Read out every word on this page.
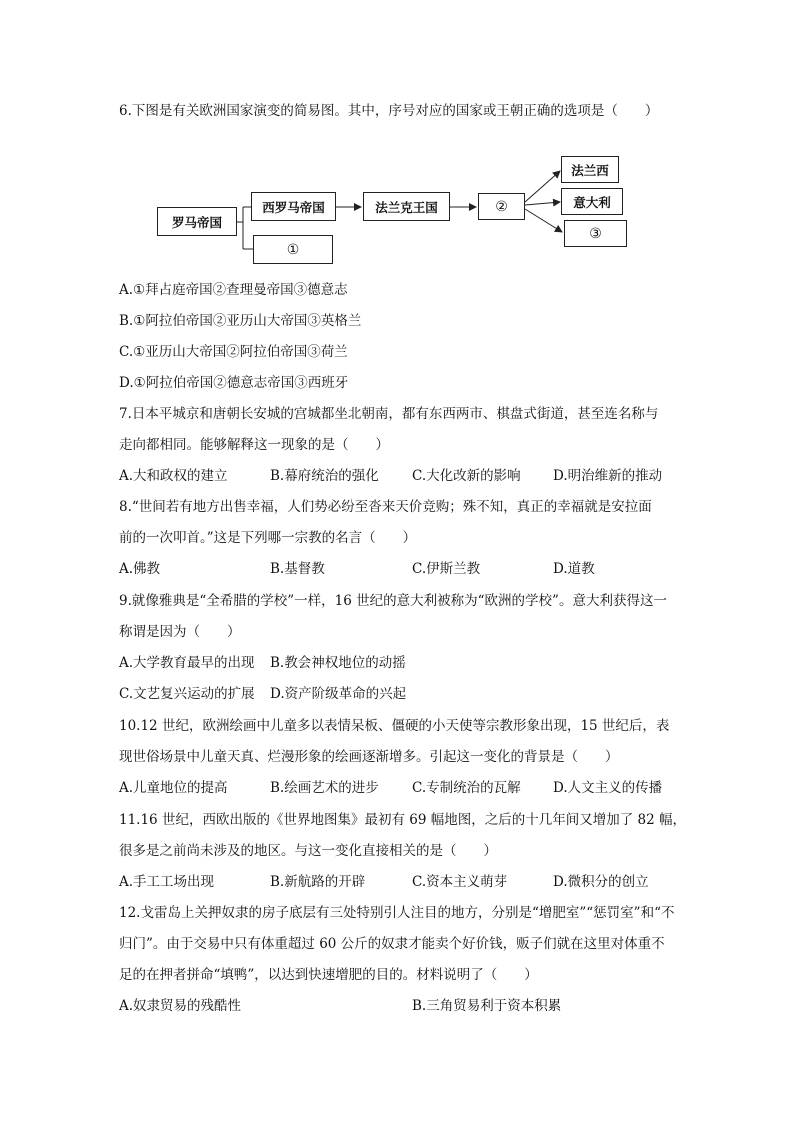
6.下图是有关欧洲国家演变的简易图。其中，序号对应的国家或王朝正确的选项是（　　）
罗马帝国
西罗马帝国
①
法兰克王国	②
法兰西
意大利
③
A.①拜占庭帝国②查理曼帝国③德意志
B.①阿拉伯帝国②亚历山大帝国③英格兰
C.①亚历山大帝国②阿拉伯帝国③荷兰
D.①阿拉伯帝国②德意志帝国③西班牙
7.日本平城京和唐朝长安城的宫城都坐北朝南，都有东西两市、棋盘式街道，甚至连名称与
走向都相同。能够解释这一现象的是（　　）
A.大和政权的建立	B.幕府统治的强化 C.大化改新的影响 D.明治维新的推动
8.“世间若有地方出售幸福，人们势必纷至沓来天价竞购；殊不知，真正的幸福就是安拉面
前的一次叩首。”这是下列哪一宗教的名言（　　）
A.佛教	B.基督教	C.伊斯兰教	D.道教
9.就像雅典是“全希腊的学校”一样，16 世纪的意大利被称为“欧洲的学校”。意大利获得这一
称谓是因为（　　）
A.大学教育最早的出现 B.教会神权地位的动摇
C.文艺复兴运动的扩展 D.资产阶级革命的兴起
10.12 世纪，欧洲绘画中儿童多以表情呆板、僵硬的小天使等宗教形象出现，15 世纪后，表
现世俗场景中儿童天真、烂漫形象的绘画逐渐增多。引起这一变化的背景是（　　）
A.儿童地位的提高	B.绘画艺术的进步 C.专制统治的瓦解 D.人文主义的传播
11.16 世纪，西欧出版的《世界地图集》最初有 69 幅地图，之后的十几年间又增加了 82 幅，
很多是之前尚未涉及的地区。与这一变化直接相关的是（　　）
A.手工工场出现	B.新航路的开辟	C.资本主义萌芽	D.微积分的创立
12.戈雷岛上关押奴隶的房子底层有三处特别引人注目的地方，分别是“增肥室”“惩罚室”和“不
归门”。由于交易中只有体重超过 60 公斤的奴隶才能卖个好价钱，贩子们就在这里对体重不
足的在押者拼命“填鸭”，以达到快速增肥的目的。材料说明了（　　）
A.奴隶贸易的残酷性	B.三角贸易利于资本积累
